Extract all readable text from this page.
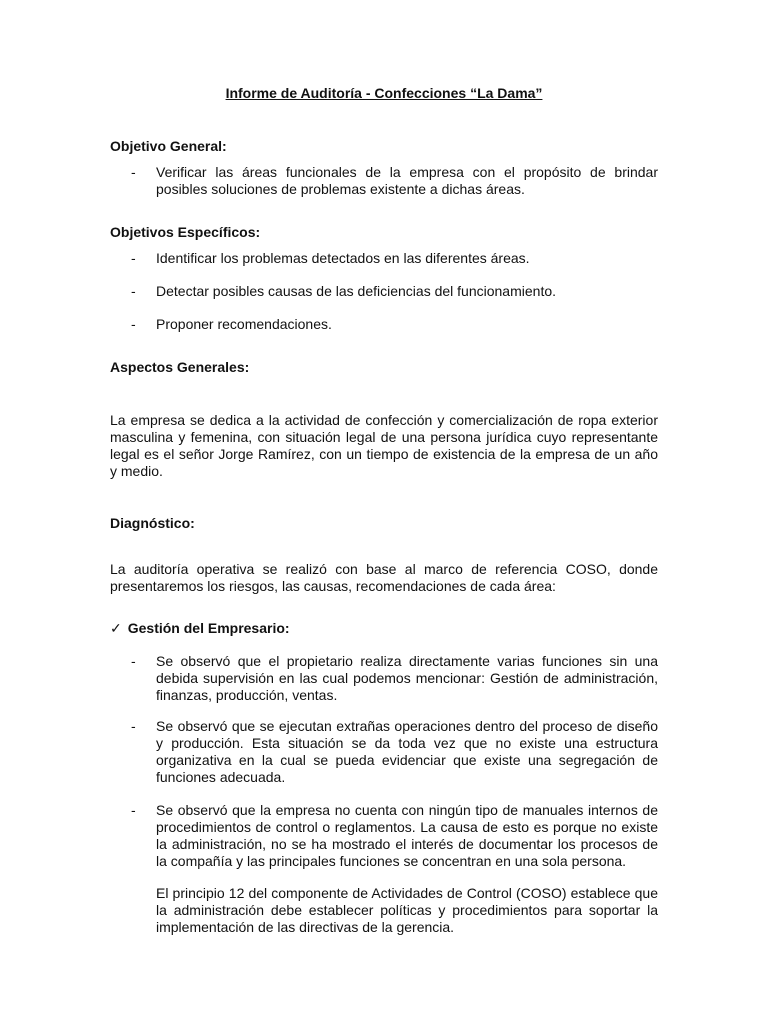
Informe de Auditoría - Confecciones “La Dama”
Objetivo General:
- Verificar las áreas funcionales de la empresa con el propósito de brindar posibles soluciones de problemas existente a dichas áreas.
Objetivos Específicos:
- Identificar los problemas detectados en las diferentes áreas.
- Detectar posibles causas de las deficiencias del funcionamiento.
- Proponer recomendaciones.
Aspectos Generales:
La empresa se dedica a la actividad de confección y comercialización de ropa exterior masculina y femenina, con situación legal de una persona jurídica cuyo representante legal es el señor Jorge Ramírez, con un tiempo de existencia de la empresa de un año y medio.
Diagnóstico:
La auditoría operativa se realizó con base al marco de referencia COSO, donde presentaremos los riesgos, las causas, recomendaciones de cada área:
✓ Gestión del Empresario:
- Se observó que el propietario realiza directamente varias funciones sin una debida supervisión en las cual podemos mencionar: Gestión de administración, finanzas, producción, ventas.
- Se observó que se ejecutan extrañas operaciones dentro del proceso de diseño y producción. Esta situación se da toda vez que no existe una estructura organizativa en la cual se pueda evidenciar que existe una segregación de funciones adecuada.
- Se observó que la empresa no cuenta con ningún tipo de manuales internos de procedimientos de control o reglamentos. La causa de esto es porque no existe la administración, no se ha mostrado el interés de documentar los procesos de la compañía y las principales funciones se concentran en una sola persona.
El principio 12 del componente de Actividades de Control (COSO) establece que la administración debe establecer políticas y procedimientos para soportar la implementación de las directivas de la gerencia.
